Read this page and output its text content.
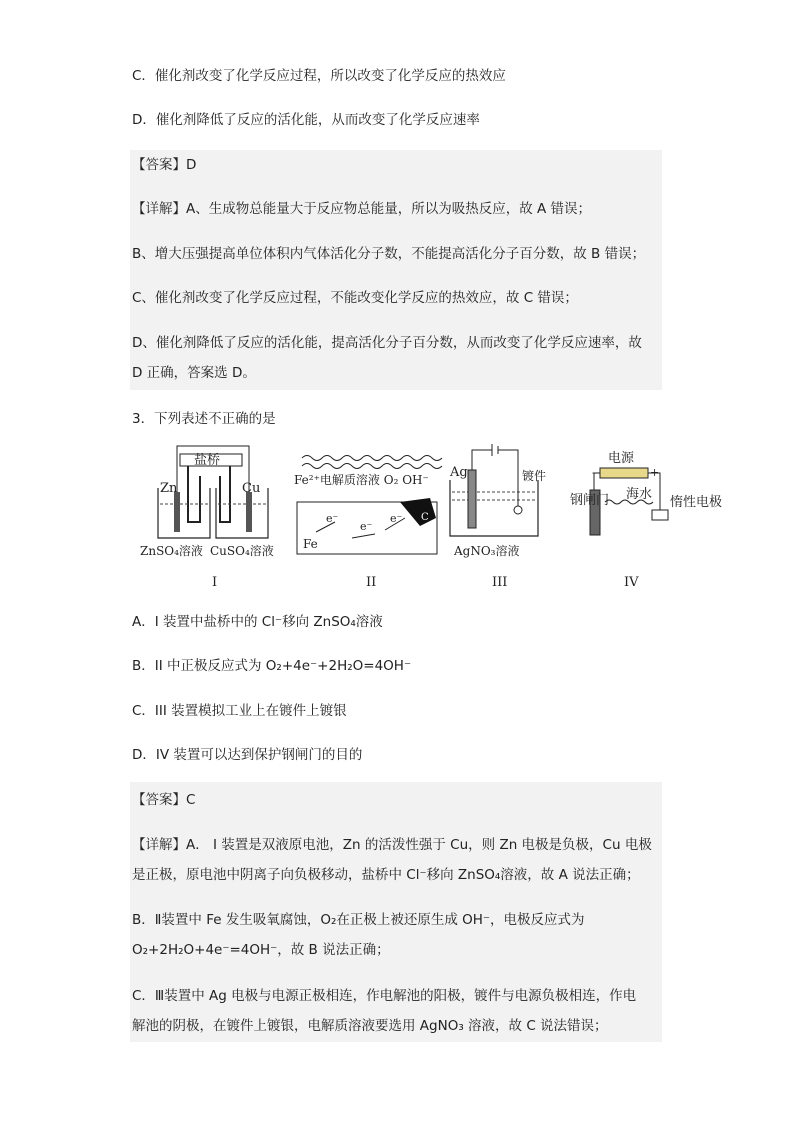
C．催化剂改变了化学反应过程，所以改变了化学反应的热效应
D．催化剂降低了反应的活化能，从而改变了化学反应速率
【答案】D
【详解】A、生成物总能量大于反应物总能量，所以为吸热反应，故 A 错误；
B、增大压强提高单位体积内气体活化分子数，不能提高活化分子百分数，故 B 错误；
C、催化剂改变了化学反应过程，不能改变化学反应的热效应，故 C 错误；
D、催化剂降低了反应的活化能，提高活化分子百分数，从而改变了化学反应速率，故
D 正确，答案选 D。
3．下列表述不正确的是
盐桥
Zn	Cu
ZnSO₄溶液 CuSO₄溶液
I
Fe²⁺电解质溶液 O₂ OH⁻
C
e⁻
e⁻
e⁻
Fe
II
Ag	镀件
AgNO₃溶液
III
电源
-	+
钢闸门 海水
惰性电极
IV
A．I 装置中盐桥中的 Cl⁻移向 ZnSO₄溶液
B．II 中正极反应式为 O₂+4e⁻+2H₂O=4OH⁻
C．III 装置模拟工业上在镀件上镀银
D．IV 装置可以达到保护钢闸门的目的
【答案】C
【详解】A． I 装置是双液原电池，Zn 的活泼性强于 Cu，则 Zn 电极是负极，Cu 电极
是正极，原电池中阴离子向负极移动，盐桥中 Cl⁻移向 ZnSO₄溶液，故 A 说法正确；
B．Ⅱ装置中 Fe 发生吸氧腐蚀，O₂在正极上被还原生成 OH⁻，电极反应式为
O₂+2H₂O+4e⁻=4OH⁻，故 B 说法正确；
C．Ⅲ装置中 Ag 电极与电源正极相连，作电解池的阳极，镀件与电源负极相连，作电
解池的阴极，在镀件上镀银，电解质溶液要选用 AgNO₃ 溶液，故 C 说法错误；
